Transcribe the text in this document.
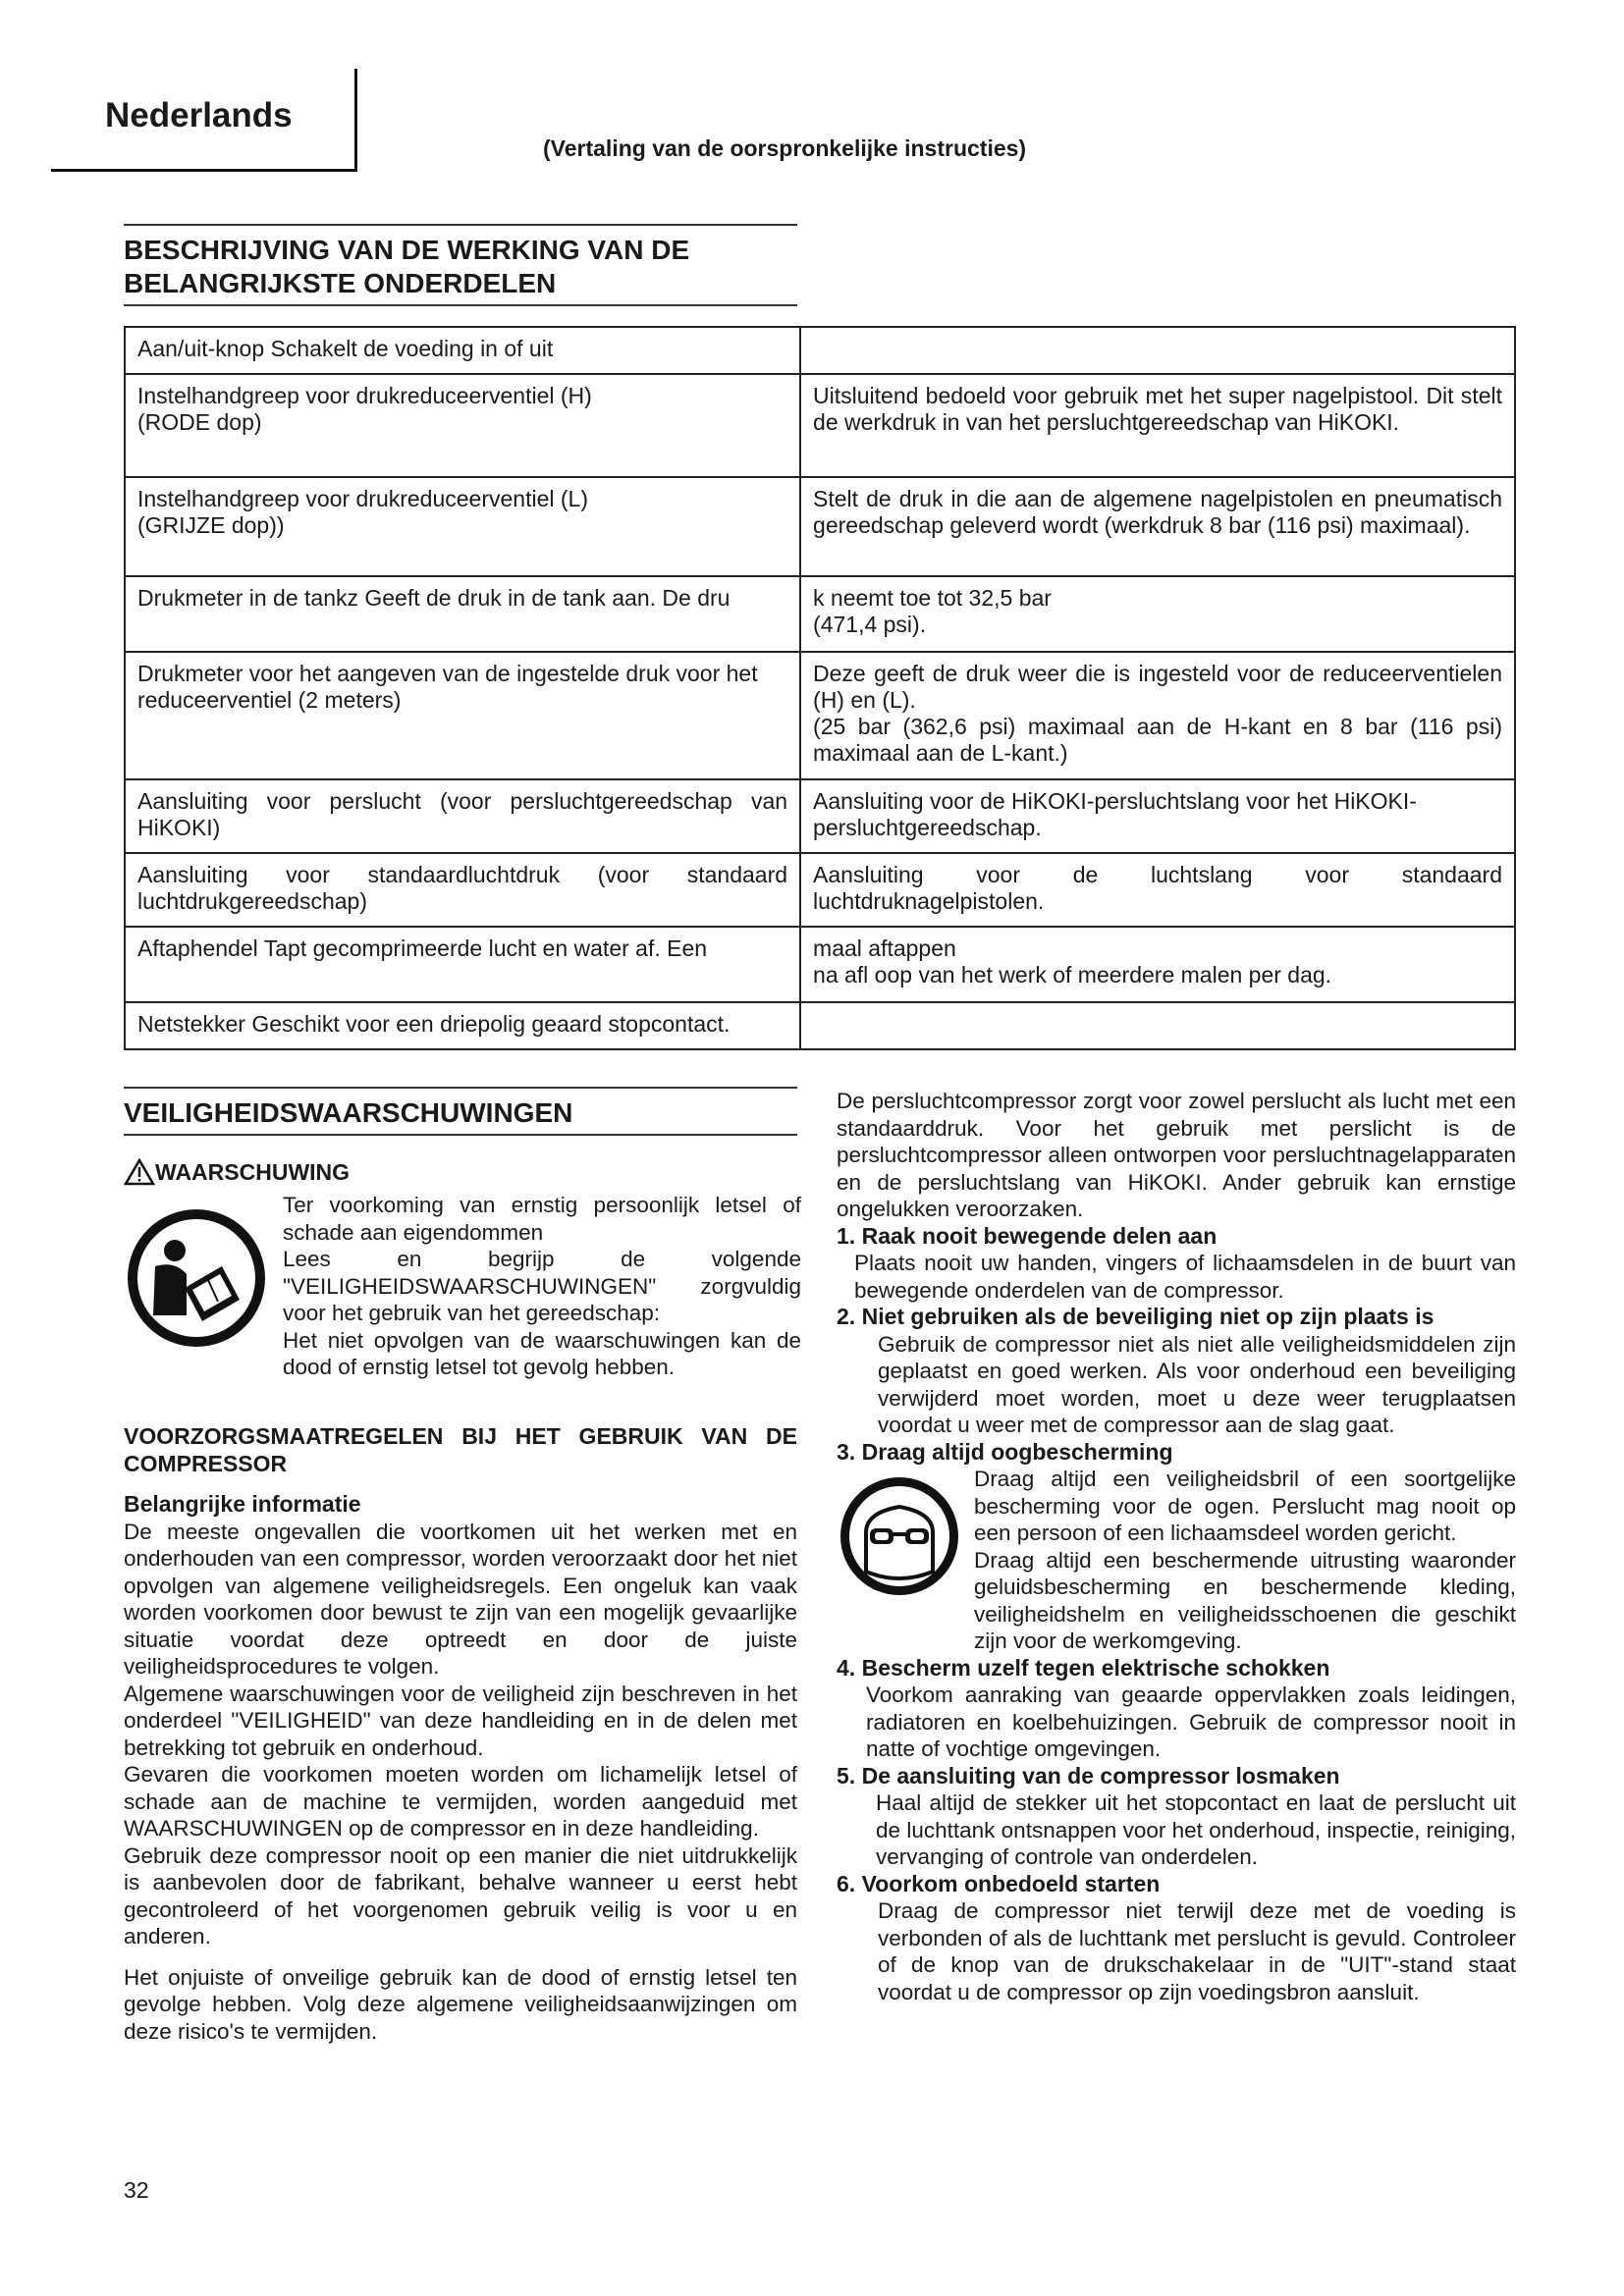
Nederlands
(Vertaling van de oorspronkelijke instructies)
BESCHRIJVING VAN DE WERKING VAN DE
BELANGRIJKSTE ONDERDELEN
Aan/uit-knop Schakelt de voeding in of uit	
Instelhandgreep voor drukreduceerventiel (H)
(RODE dop)	Uitsluitend bedoeld voor gebruik met het super nagelpistool. Dit stelt de werkdruk in van het persluchtgereedschap van HiKOKI.
Instelhandgreep voor drukreduceerventiel (L)
(GRIJZE dop))	Stelt de druk in die aan de algemene nagelpistolen en pneumatisch gereedschap geleverd wordt (werkdruk 8 bar (116 psi) maximaal).
Drukmeter in de tankz Geeft de druk in de tank aan. De dru	k neemt toe tot 32,5 bar
(471,4 psi).
Drukmeter voor het aangeven van de ingestelde druk voor het reduceerventiel (2 meters)	Deze geeft de druk weer die is ingesteld voor de reduceerventielen (H) en (L).
(25 bar (362,6 psi) maximaal aan de H-kant en 8 bar (116 psi) maximaal aan de L-kant.)
Aansluiting voor perslucht (voor persluchtgereedschap van HiKOKI)	Aansluiting voor de HiKOKI-persluchtslang voor het HiKOKI-persluchtgereedschap.
Aansluiting voor standaardluchtdruk (voor standaard luchtdrukgereedschap)	Aansluiting voor de luchtslang voor standaard luchtdruknagelpistolen.
Aftaphendel Tapt gecomprimeerde lucht en water af. Een	maal aftappen
na afl oop van het werk of meerdere malen per dag.
Netstekker Geschikt voor een driepolig geaard stopcontact.	
VEILIGHEIDSWAARSCHUWINGEN
WAARSCHUWING

Ter voorkoming van ernstig persoonlijk letsel of schade aan eigendommen

Lees en begrijp de volgende "VEILIGHEIDSWAARSCHUWINGEN" zorgvuldig voor het gebruik van het gereedschap:

Het niet opvolgen van de waarschuwingen kan de dood of ernstig letsel tot gevolg hebben.

VOORZORGSMAATREGELEN BIJ HET GEBRUIK VAN DE COMPRESSOR

Belangrijke informatie

De meeste ongevallen die voortkomen uit het werken met en onderhouden van een compressor, worden veroorzaakt door het niet opvolgen van algemene veiligheidsregels. Een ongeluk kan vaak worden voorkomen door bewust te zijn van een mogelijk gevaarlijke situatie voordat deze optreedt en door de juiste veiligheidsprocedures te volgen.

Algemene waarschuwingen voor de veiligheid zijn beschreven in het onderdeel "VEILIGHEID" van deze handleiding en in de delen met betrekking tot gebruik en onderhoud.

Gevaren die voorkomen moeten worden om lichamelijk letsel of schade aan de machine te vermijden, worden aangeduid met WAARSCHUWINGEN op de compressor en in deze handleiding.

Gebruik deze compressor nooit op een manier die niet uitdrukkelijk is aanbevolen door de fabrikant, behalve wanneer u eerst hebt gecontroleerd of het voorgenomen gebruik veilig is voor u en anderen.

Het onjuiste of onveilige gebruik kan de dood of ernstig letsel ten gevolge hebben. Volg deze algemene veiligheidsaanwijzingen om deze risico's te vermijden.

De persluchtcompressor zorgt voor zowel perslucht als lucht met een standaarddruk. Voor het gebruik met perslicht is de persluchtcompressor alleen ontworpen voor persluchtnagelapparaten en de persluchtslang van HiKOKI. Ander gebruik kan ernstige ongelukken veroorzaken.

1. Raak nooit bewegende delen aan

Plaats nooit uw handen, vingers of lichaamsdelen in de buurt van bewegende onderdelen van de compressor.

2. Niet gebruiken als de beveiliging niet op zijn plaats is

Gebruik de compressor niet als niet alle veiligheidsmiddelen zijn geplaatst en goed werken. Als voor onderhoud een beveiliging verwijderd moet worden, moet u deze weer terugplaatsen voordat u weer met de compressor aan de slag gaat.

3. Draag altijd oogbescherming

Draag altijd een veiligheidsbril of een soortgelijke bescherming voor de ogen. Perslucht mag nooit op een persoon of een lichaamsdeel worden gericht.

Draag altijd een beschermende uitrusting waaronder geluidsbescherming en beschermende kleding, veiligheidshelm en veiligheidsschoenen die geschikt zijn voor de werkomgeving.

4. Bescherm uzelf tegen elektrische schokken

Voorkom aanraking van geaarde oppervlakken zoals leidingen, radiatoren en koelbehuizingen. Gebruik de compressor nooit in natte of vochtige omgevingen.

5. De aansluiting van de compressor losmaken

Haal altijd de stekker uit het stopcontact en laat de perslucht uit de luchttank ontsnappen voor het onderhoud, inspectie, reiniging, vervanging of controle van onderdelen.

6. Voorkom onbedoeld starten

Draag de compressor niet terwijl deze met de voeding is verbonden of als de luchttank met perslucht is gevuld. Controleer of de knop van de drukschakelaar in de "UIT"-stand staat voordat u de compressor op zijn voedingsbron aansluit.

32
